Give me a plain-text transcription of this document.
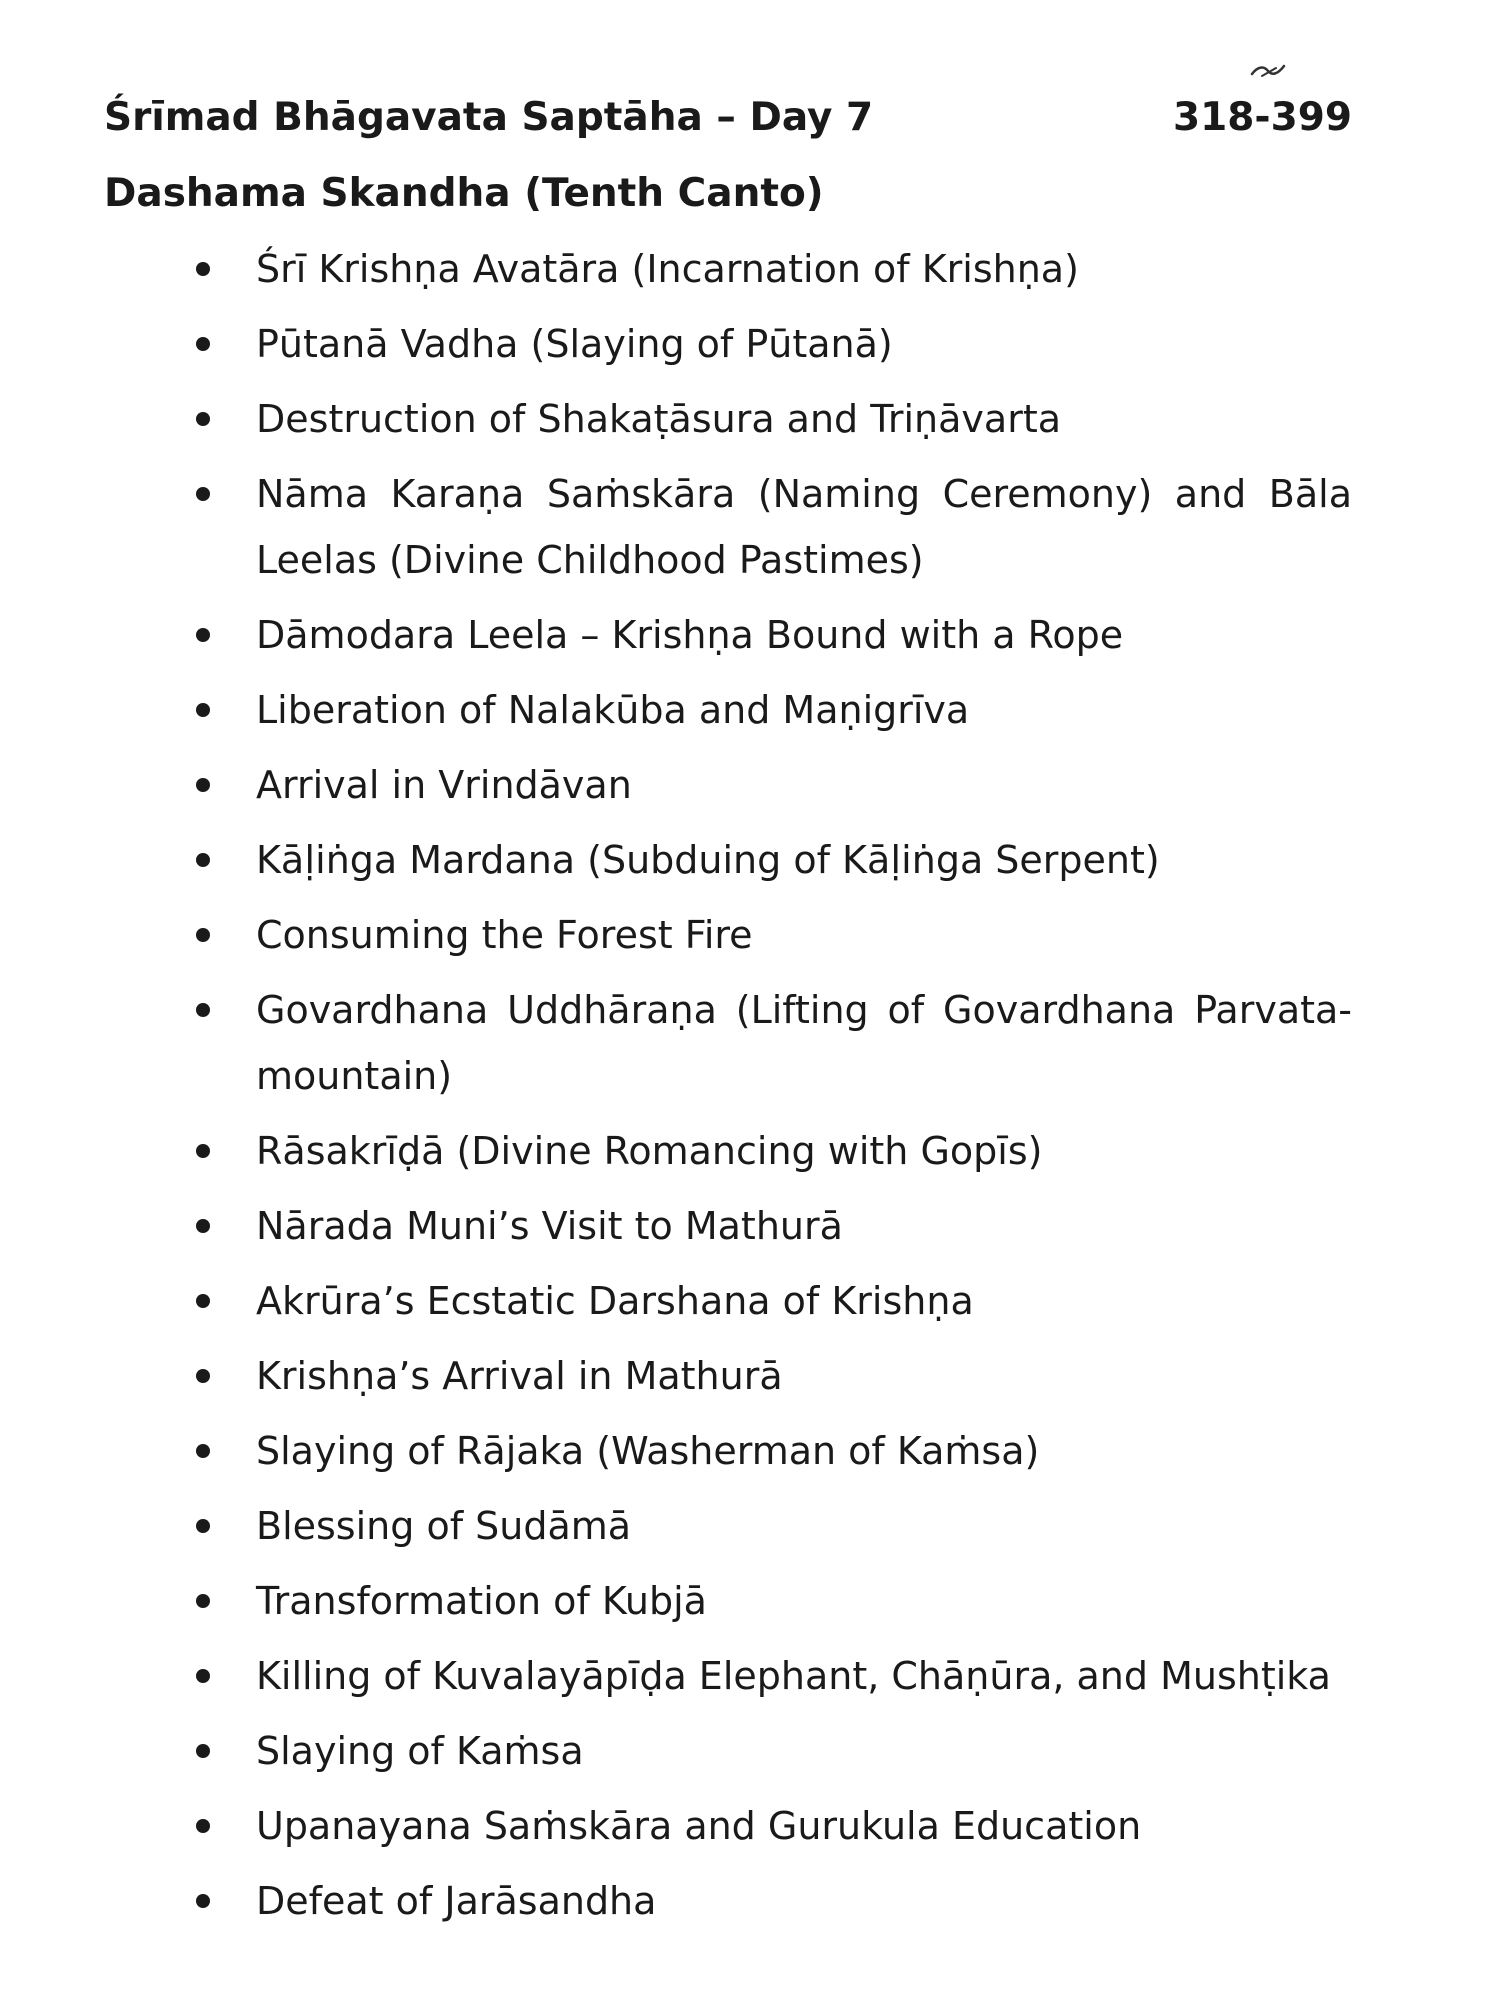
Śrīmad Bhāgavata Saptāha – Day 7	318-399
Dashama Skandha (Tenth Canto)
Śrī Krishṇa Avatāra (Incarnation of Krishṇa)
Pūtanā Vadha (Slaying of Pūtanā)
Destruction of Shakaṭāsura and Triṇāvarta
Nāma Karaṇa Saṁskāra (Naming Ceremony) and Bāla Leelas (Divine Childhood Pastimes)
Dāmodara Leela – Krishṇa Bound with a Rope
Liberation of Nalakūba and Maṇigrīva
Arrival in Vrindāvan
Kāḷiṅga Mardana (Subduing of Kāḷiṅga Serpent)
Consuming the Forest Fire
Govardhana Uddhāraṇa (Lifting of Govardhana Parvata-mountain)
Rāsakrīḍā (Divine Romancing with Gopīs)
Nārada Muni’s Visit to Mathurā
Akrūra’s Ecstatic Darshana of Krishṇa
Krishṇa’s Arrival in Mathurā
Slaying of Rājaka (Washerman of Kaṁsa)
Blessing of Sudāmā
Transformation of Kubjā
Killing of Kuvalayāpīḍa Elephant, Chāṇūra, and Mushṭika
Slaying of Kaṁsa
Upanayana Saṁskāra and Gurukula Education
Defeat of Jarāsandha
